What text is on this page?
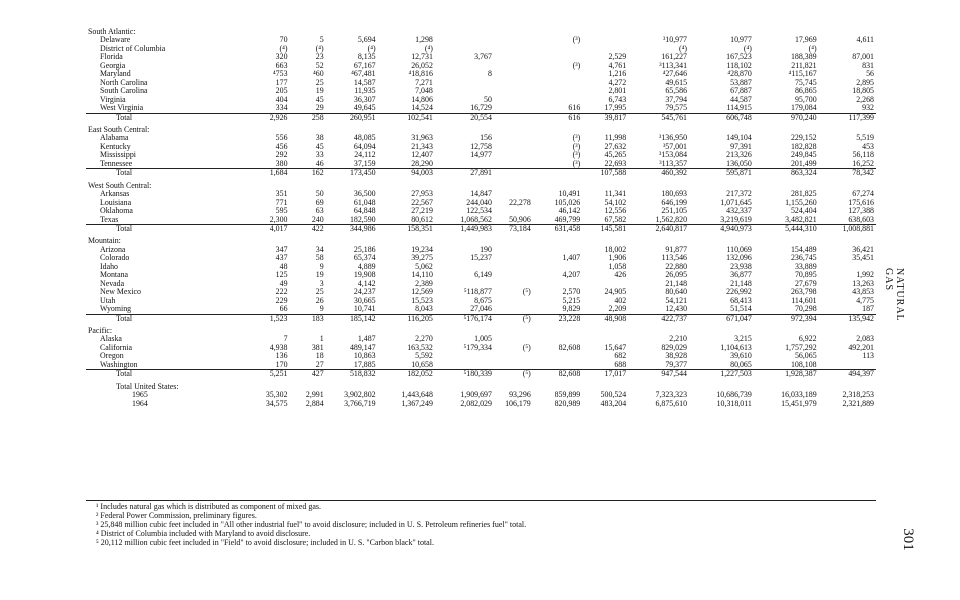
South Atlantic:												
Delaware	70	5	5,694	1,298			(³)		³10,977	10,977	17,969	4,611
District of Columbia	(⁴)	(⁴)	(⁴)	(⁴)					(⁴)	(⁴)	(⁴)	
Florida	320	23	8,135	12,731	3,767			2,529	161,227	167,523	188,389	87,001
Georgia	663	52	67,167	26,052			(³)	4,761	³113,341	118,102	211,821	831
Maryland	⁴753	⁴60	⁴67,481	⁴18,816	8			1,216	⁴27,646	⁴28,870	⁴115,167	56
North Carolina	177	25	14,587	7,271				4,272	49,615	53,887	75,745	2,895
South Carolina	205	19	11,935	7,048				2,801	65,586	67,887	86,865	18,805
Virginia	404	45	36,307	14,806	50			6,743	37,794	44,587	95,700	2,268
West Virginia	334	29	49,645	14,524	16,729		616	17,995	79,575	114,915	179,084	932
Total	2,926	258	260,951	102,541	20,554		616	39,817	545,761	606,748	970,240	117,399

East South Central:												
Alabama	556	38	48,085	31,963	156		(³)	11,998	³136,950	149,104	229,152	5,519
Kentucky	456	45	64,094	21,343	12,758		(³)	27,632	³57,001	97,391	182,828	453
Mississippi	292	33	24,112	12,407	14,977		(³)	45,265	³153,084	213,326	249,845	56,118
Tennessee	380	46	37,159	28,290			(³)	22,693	³113,357	136,050	201,499	16,252
Total	1,684	162	173,450	94,003	27,891			107,588	460,392	595,871	863,324	78,342

West South Central:												
Arkansas	351	50	36,500	27,953	14,847		10,491	11,341	180,693	217,372	281,825	67,274
Louisiana	771	69	61,048	22,567	244,040	22,278	105,026	54,102	646,199	1,071,645	1,155,260	175,616
Oklahoma	595	63	64,848	27,219	122,534		46,142	12,556	251,105	432,337	524,404	127,388
Texas	2,300	240	182,590	80,612	1,068,562	50,906	469,799	67,582	1,562,820	3,219,619	3,482,821	638,603
Total	4,017	422	344,986	158,351	1,449,983	73,184	631,458	145,581	2,640,817	4,940,973	5,444,310	1,008,881

Mountain:												
Arizona	347	34	25,186	19,234	190			18,002	91,877	110,069	154,489	36,421
Colorado	437	58	65,374	39,275	15,237		1,407	1,906	113,546	132,096	236,745	35,451
Idaho	48	9	4,889	5,062				1,058	22,880	23,938	33,889	
Montana	125	19	19,908	14,110	6,149		4,207	426	26,095	36,877	70,895	1,992
Nevada	49	3	4,142	2,389					21,148	21,148	27,679	13,263
New Mexico	222	25	24,237	12,569	⁵118,877	(⁵)	2,570	24,905	80,640	226,992	263,798	43,853
Utah	229	26	30,665	15,523	8,675		5,215	402	54,121	68,413	114,601	4,775
Wyoming	66	9	10,741	8,043	27,046		9,829	2,209	12,430	51,514	70,298	187
Total	1,523	183	185,142	116,205	⁵176,174	(⁵)	23,228	48,908	422,737	671,047	972,394	135,942

Pacific:												
Alaska	7	1	1,487	2,270	1,005				2,210	3,215	6,922	2,083
California	4,938	381	489,147	163,532	⁵179,334	(⁵)	82,608	15,647	829,029	1,104,613	1,757,292	492,201
Oregon	136	18	10,863	5,592				682	38,928	39,610	56,065	113
Washington	170	27	17,885	10,658				688	79,377	80,065	108,108	
Total	5,251	427	518,832	182,052	⁵180,339	(⁵)	82,608	17,017	947,544	1,227,503	1,928,387	494,397

Total United States:												
1965	35,302	2,991	3,902,802	1,443,648	1,909,697	93,296	859,899	500,524	7,323,323	10,686,739	16,033,189	2,318,253
1964	34,575	2,884	3,766,719	1,367,249	2,082,029	106,179	820,989	483,204	6,875,610	10,318,011	15,451,979	2,321,889
¹ Includes natural gas which is distributed as component of mixed gas.
² Federal Power Commission, preliminary figures.
³ 25,848 million cubic feet included in "All other industrial fuel" to avoid disclosure; included in U. S. Petroleum refineries fuel" total.
⁴ District of Columbia included with Maryland to avoid disclosure.
⁵ 20,112 million cubic feet included in "Field" to avoid disclosure; included in U. S. "Carbon black" total.
NATURAL GAS
301
